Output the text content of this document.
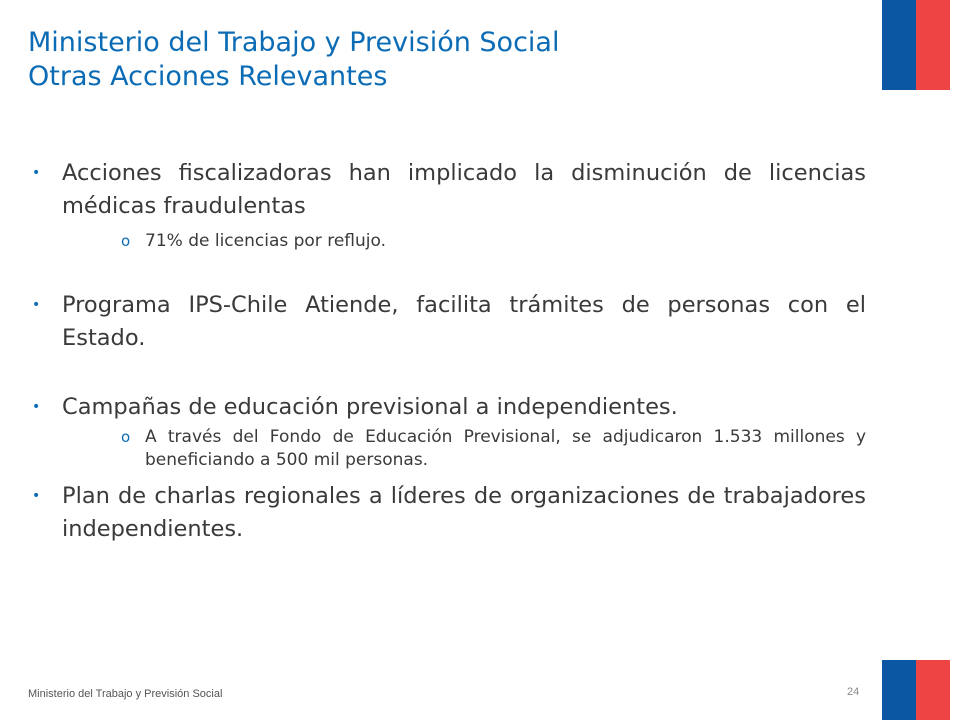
Ministerio del Trabajo y Previsión Social
Otras Acciones Relevantes
• Acciones fiscalizadoras han implicado la disminución de licencias médicas fraudulentas
o 71% de licencias por reflujo.
• Programa IPS-Chile Atiende, facilita trámites de personas con el Estado.
• Campañas de educación previsional a independientes.
o A través del Fondo de Educación Previsional, se adjudicaron 1.533 millones y beneficiando a 500 mil personas.
• Plan de charlas regionales a líderes de organizaciones de trabajadores independientes.
Ministerio del Trabajo y Previsión Social	24
